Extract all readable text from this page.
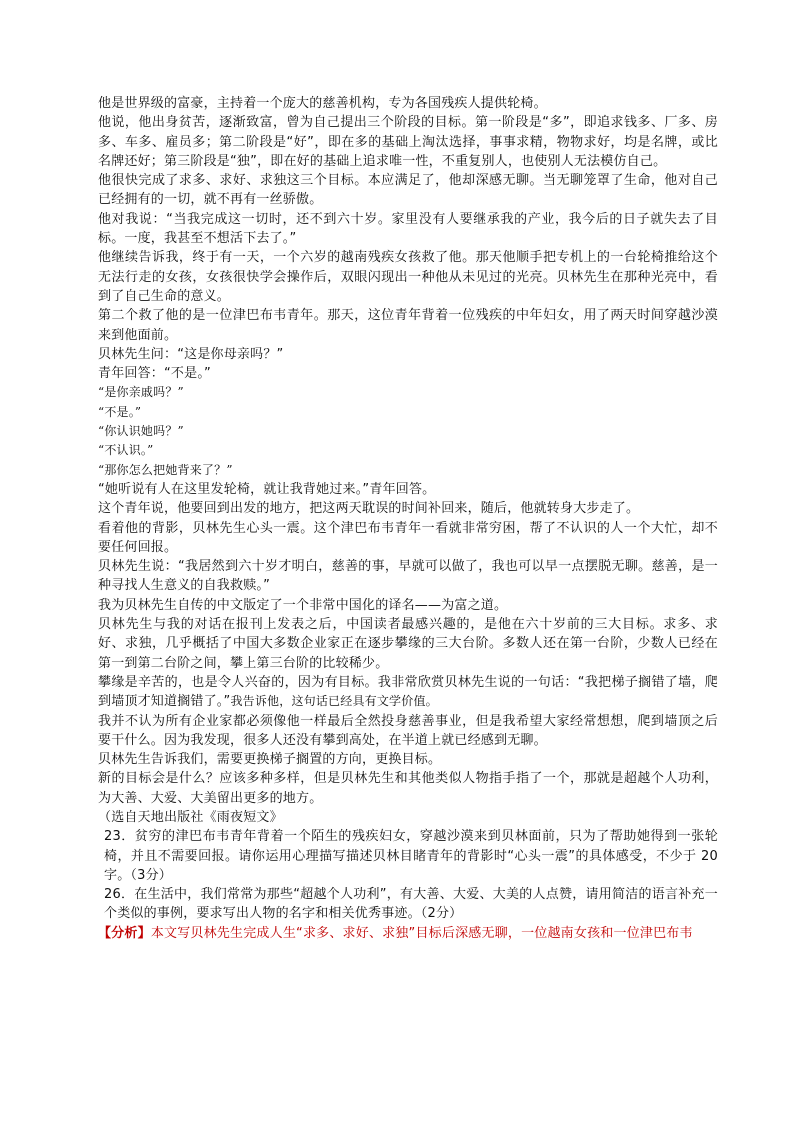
他是世界级的富豪，主持着一个庞大的慈善机构，专为各国残疾人提供轮椅。

他说，他出身贫苦，逐渐致富，曾为自己提出三个阶段的目标。第一阶段是“多”，即追求钱多、厂多、房多、车多、雇员多；第二阶段是“好”，即在多的基础上淘汰选择，事事求精，物物求好，均是名牌，或比名牌还好；第三阶段是“独”，即在好的基础上追求唯一性，不重复别人，也使别人无法模仿自己。

他很快完成了求多、求好、求独这三个目标。本应满足了，他却深感无聊。当无聊笼罩了生命，他对自己已经拥有的一切，就不再有一丝骄傲。

他对我说：“当我完成这一切时，还不到六十岁。家里没有人要继承我的产业，我今后的日子就失去了目标。一度，我甚至不想活下去了。”

他继续告诉我，终于有一天，一个六岁的越南残疾女孩救了他。那天他顺手把专机上的一台轮椅推给这个无法行走的女孩，女孩很快学会操作后，双眼闪现出一种他从未见过的光亮。贝林先生在那种光亮中，看到了自己生命的意义。

第二个救了他的是一位津巴布韦青年。那天，这位青年背着一位残疾的中年妇女，用了两天时间穿越沙漠来到他面前。

贝林先生问：“这是你母亲吗？”

青年回答：“不是。”

“是你亲戚吗？”

“不是。”

“你认识她吗？”

“不认识。”

“那你怎么把她背来了？”

“她听说有人在这里发轮椅，就让我背她过来。”青年回答。

这个青年说，他要回到出发的地方，把这两天耽误的时间补回来，随后，他就转身大步走了。

看着他的背影，贝林先生心头一震。这个津巴布韦青年一看就非常穷困，帮了不认识的人一个大忙，却不要任何回报。

贝林先生说：“我居然到六十岁才明白，慈善的事，早就可以做了，我也可以早一点摆脱无聊。慈善，是一种寻找人生意义的自我救赎。”

我为贝林先生自传的中文版定了一个非常中国化的译名——为富之道。

贝林先生与我的对话在报刊上发表之后，中国读者最感兴趣的，是他在六十岁前的三大目标。求多、求好、求独，几乎概括了中国大多数企业家正在逐步攀缘的三大台阶。多数人还在第一台阶，少数人已经在第一到第二台阶之间，攀上第三台阶的比较稀少。

攀缘是辛苦的，也是令人兴奋的，因为有目标。我非常欣赏贝林先生说的一句话：“我把梯子搁错了墙，爬到墙顶才知道搁错了。”我告诉他，这句话已经具有文学价值。

我并不认为所有企业家都必须像他一样最后全然投身慈善事业，但是我希望大家经常想想，爬到墙顶之后要干什么。因为我发现，很多人还没有攀到高处，在半道上就已经感到无聊。

贝林先生告诉我们，需要更换梯子搁置的方向，更换目标。

新的目标会是什么？应该多种多样，但是贝林先生和其他类似人物指手指了一个，那就是超越个人功利，为大善、大爱、大美留出更多的地方。

（选自天地出版社《雨夜短文》

23．贫穷的津巴布韦青年背着一个陌生的残疾妇女，穿越沙漠来到贝林面前，只为了帮助她得到一张轮椅，并且不需要回报。请你运用心理描写描述贝林目睹青年的背影时“心头一震”的具体感受，不少于 20字。（3分）

26．在生活中，我们常常为那些“超越个人功利”，有大善、大爱、大美的人点赞，请用简洁的语言补充一个类似的事例，要求写出人物的名字和相关优秀事迹。（2分）

【分析】本文写贝林先生完成人生“求多、求好、求独”目标后深感无聊，一位越南女孩和一位津巴布韦
